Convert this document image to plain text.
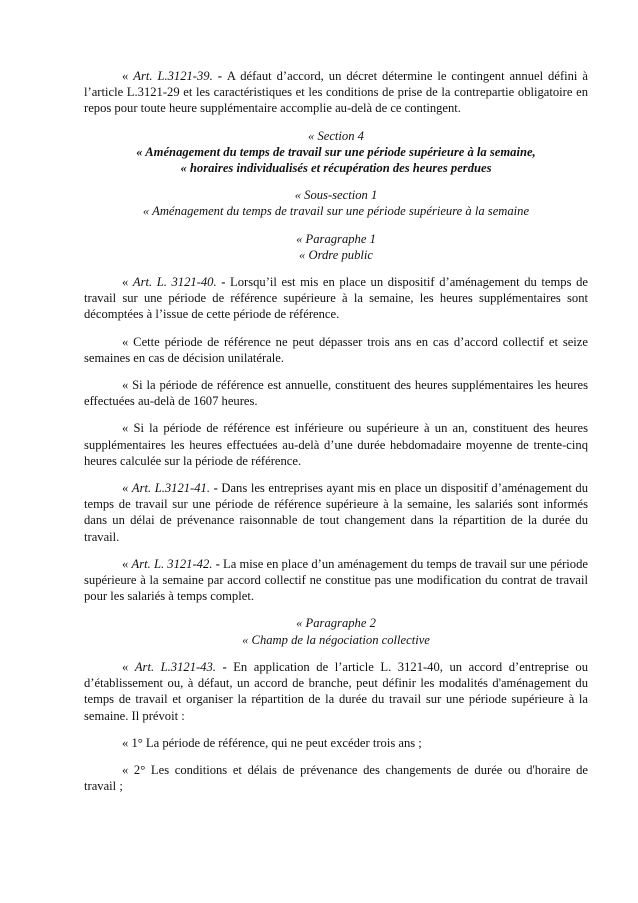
« Art. L.3121-39. - A défaut d’accord, un décret détermine le contingent annuel défini à l’article L.3121-29 et les caractéristiques et les conditions de prise de la contrepartie obligatoire en repos pour toute heure supplémentaire accomplie au-delà de ce contingent.

« Section 4

« Aménagement du temps de travail sur une période supérieure à la semaine,

« horaires individualisés et récupération des heures perdues

« Sous-section 1

« Aménagement du temps de travail sur une période supérieure à la semaine

« Paragraphe 1

« Ordre public

« Art. L. 3121-40. - Lorsqu’il est mis en place un dispositif d’aménagement du temps de travail sur une période de référence supérieure à la semaine, les heures supplémentaires sont décomptées à l’issue de cette période de référence.

« Cette période de référence ne peut dépasser trois ans en cas d’accord collectif et seize semaines en cas de décision unilatérale.

« Si la période de référence est annuelle, constituent des heures supplémentaires les heures effectuées au-delà de 1607 heures.

« Si la période de référence est inférieure ou supérieure à un an, constituent des heures supplémentaires les heures effectuées au-delà d’une durée hebdomadaire moyenne de trente-cinq heures calculée sur la période de référence.

« Art. L.3121-41. - Dans les entreprises ayant mis en place un dispositif d’aménagement du temps de travail sur une période de référence supérieure à la semaine, les salariés sont informés dans un délai de prévenance raisonnable de tout changement dans la répartition de la durée du travail.

« Art. L. 3121-42. - La mise en place d’un aménagement du temps de travail sur une période supérieure à la semaine par accord collectif ne constitue pas une modification du contrat de travail pour les salariés à temps complet.

« Paragraphe 2

« Champ de la négociation collective

« Art. L.3121-43. - En application de l’article L. 3121-40, un accord d’entreprise ou d’établissement ou, à défaut, un accord de branche, peut définir les modalités d'aménagement du temps de travail et organiser la répartition de la durée du travail sur une période supérieure à la semaine. Il prévoit :

« 1° La période de référence, qui ne peut excéder trois ans ;

« 2° Les conditions et délais de prévenance des changements de durée ou d'horaire de travail ;
